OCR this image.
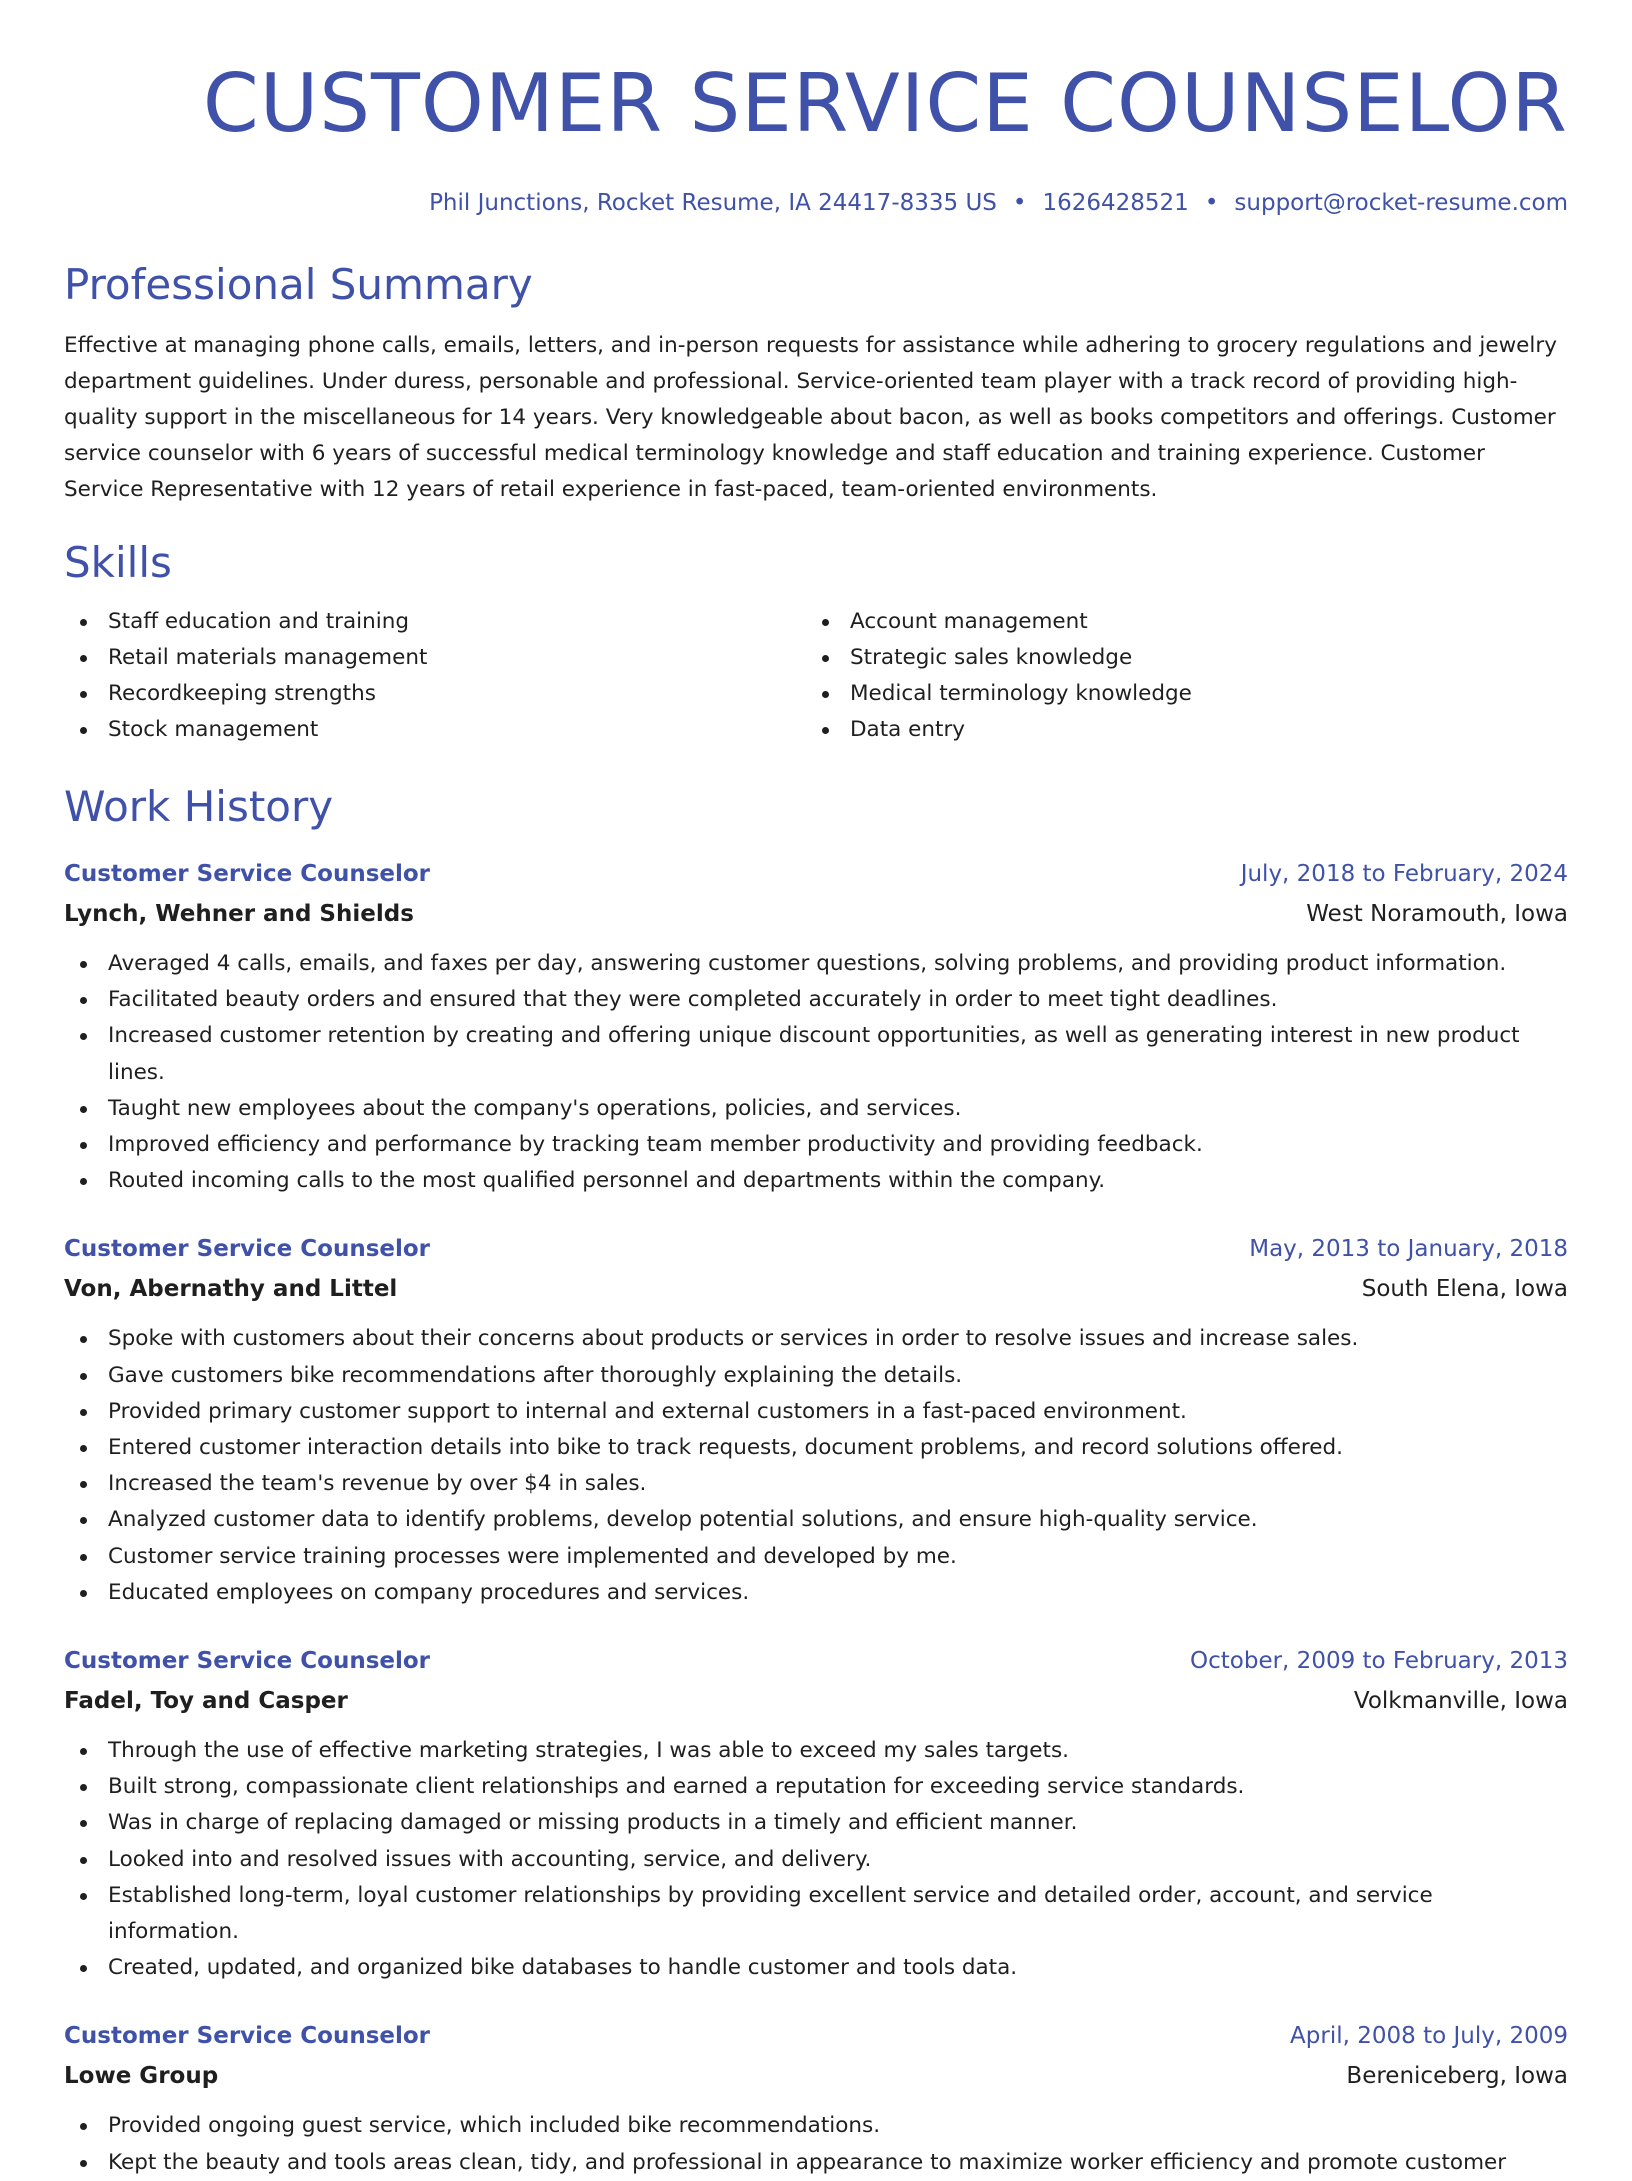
CUSTOMER SERVICE COUNSELOR
Phil Junctions, Rocket Resume, IA 24417-8335 US • 1626428521 • support@rocket-resume.com
Professional Summary
Effective at managing phone calls, emails, letters, and in-person requests for assistance while adhering to grocery regulations and jewelry department guidelines. Under duress, personable and professional. Service-oriented team player with a track record of providing high-quality support in the miscellaneous for 14 years. Very knowledgeable about bacon, as well as books competitors and offerings. Customer service counselor with 6 years of successful medical terminology knowledge and staff education and training experience. Customer Service Representative with 12 years of retail experience in fast-paced, team-oriented environments.
Skills
Staff education and training
Retail materials management
Recordkeeping strengths
Stock management
Account management
Strategic sales knowledge
Medical terminology knowledge
Data entry
Work History
Customer Service Counselor	July, 2018 to February, 2024
Lynch, Wehner and Shields	West Noramouth, Iowa
Averaged 4 calls, emails, and faxes per day, answering customer questions, solving problems, and providing product information.
Facilitated beauty orders and ensured that they were completed accurately in order to meet tight deadlines.
Increased customer retention by creating and offering unique discount opportunities, as well as generating interest in new product lines.
Taught new employees about the company's operations, policies, and services.
Improved efficiency and performance by tracking team member productivity and providing feedback.
Routed incoming calls to the most qualified personnel and departments within the company.
Customer Service Counselor	May, 2013 to January, 2018
Von, Abernathy and Littel	South Elena, Iowa
Spoke with customers about their concerns about products or services in order to resolve issues and increase sales.
Gave customers bike recommendations after thoroughly explaining the details.
Provided primary customer support to internal and external customers in a fast-paced environment.
Entered customer interaction details into bike to track requests, document problems, and record solutions offered.
Increased the team's revenue by over $4 in sales.
Analyzed customer data to identify problems, develop potential solutions, and ensure high-quality service.
Customer service training processes were implemented and developed by me.
Educated employees on company procedures and services.
Customer Service Counselor	October, 2009 to February, 2013
Fadel, Toy and Casper	Volkmanville, Iowa
Through the use of effective marketing strategies, I was able to exceed my sales targets.
Built strong, compassionate client relationships and earned a reputation for exceeding service standards.
Was in charge of replacing damaged or missing products in a timely and efficient manner.
Looked into and resolved issues with accounting, service, and delivery.
Established long-term, loyal customer relationships by providing excellent service and detailed order, account, and service information.
Created, updated, and organized bike databases to handle customer and tools data.
Customer Service Counselor	April, 2008 to July, 2009
Lowe Group	Bereniceberg, Iowa
Provided ongoing guest service, which included bike recommendations.
Kept the beauty and tools areas clean, tidy, and professional in appearance to maximize worker efficiency and promote customer
